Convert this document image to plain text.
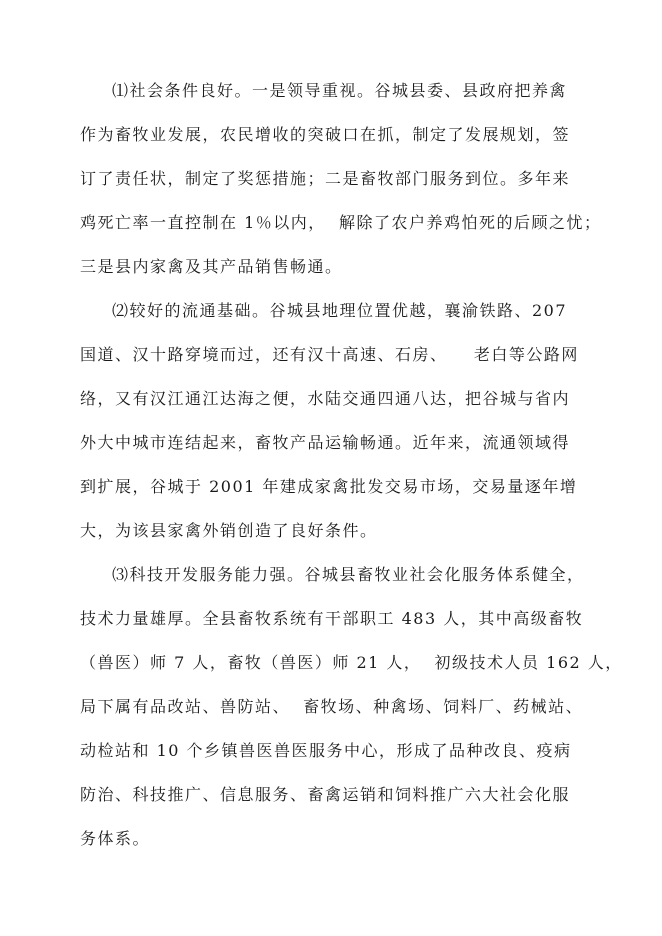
⑴社会条件良好。一是领导重视。谷城县委、县政府把养禽
作为畜牧业发展，农民增收的突破口在抓，制定了发展规划，签
订了责任状，制定了奖惩措施；二是畜牧部门服务到位。多年来
鸡死亡率一直控制在 1％以内，  解除了农户养鸡怕死的后顾之忧；
三是县内家禽及其产品销售畅通。
⑵较好的流通基础。谷城县地理位置优越，襄渝铁路、207
国道、汉十路穿境而过，还有汉十高速、石房、    老白等公路网
络，又有汉江通江达海之便，水陆交通四通八达，把谷城与省内
外大中城市连结起来，畜牧产品运输畅通。近年来，流通领域得
到扩展，谷城于 2001 年建成家禽批发交易市场，交易量逐年增
大，为该县家禽外销创造了良好条件。
⑶科技开发服务能力强。谷城县畜牧业社会化服务体系健全，
技术力量雄厚。全县畜牧系统有干部职工 483 人，其中高级畜牧
（兽医）师 7 人，畜牧（兽医）师 21 人，  初级技术人员 162 人，
局下属有品改站、兽防站、  畜牧场、种禽场、饲料厂、药械站、
动检站和 10 个乡镇兽医兽医服务中心，形成了品种改良、疫病
防治、科技推广、信息服务、畜禽运销和饲料推广六大社会化服
务体系。
